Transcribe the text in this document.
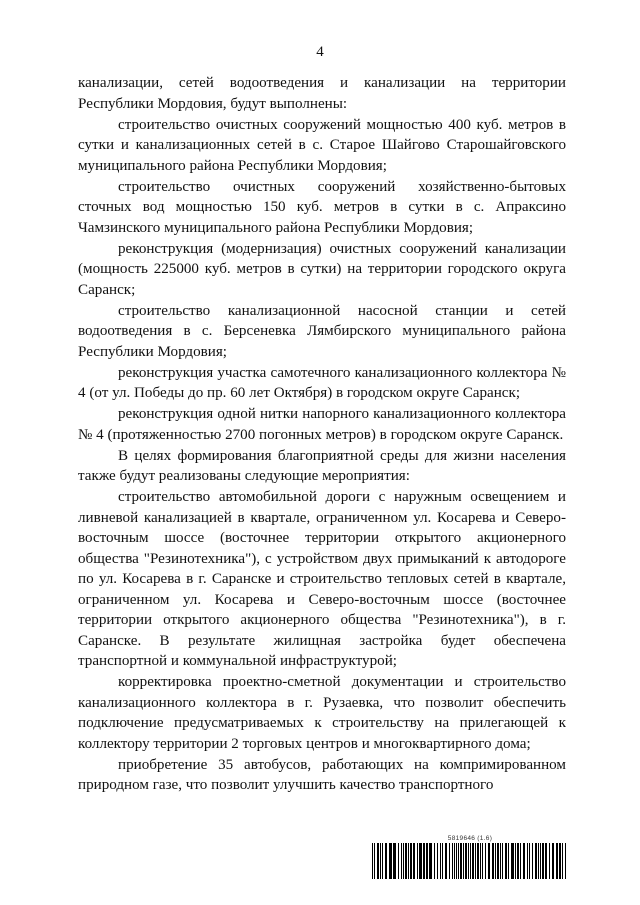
4

канализации, сетей водоотведения и канализации на территории Республики Мордовия, будут выполнены:

строительство очистных сооружений мощностью 400 куб. метров в сутки и канализационных сетей в с. Старое Шайгово Старошайговского муниципального района Республики Мордовия;

строительство очистных сооружений хозяйственно-бытовых сточных вод мощностью 150 куб. метров в сутки в с. Апраксино Чамзинского муниципального района Республики Мордовия;

реконструкция (модернизация) очистных сооружений канализации (мощность 225000 куб. метров в сутки) на территории городского округа Саранск;

строительство канализационной насосной станции и сетей водоотведения в с. Берсеневка Лямбирского муниципального района Республики Мордовия;

реконструкция участка самотечного канализационного коллектора № 4 (от ул. Победы до пр. 60 лет Октября) в городском округе Саранск;

реконструкция одной нитки напорного канализационного коллектора № 4 (протяженностью 2700 погонных метров) в городском округе Саранск.

В целях формирования благоприятной среды для жизни населения также будут реализованы следующие мероприятия:

строительство автомобильной дороги с наружным освещением и ливневой канализацией в квартале, ограниченном ул. Косарева и Северо-восточным шоссе (восточнее территории открытого акционерного общества "Резинотехника"), с устройством двух примыканий к автодороге по ул. Косарева в г. Саранске и строительство тепловых сетей в квартале, ограниченном ул. Косарева и Северо-восточным шоссе (восточнее территории открытого акционерного общества "Резинотехника"), в г. Саранске. В результате жилищная застройка будет обеспечена транспортной и коммунальной инфраструктурой;

корректировка проектно-сметной документации и строительство канализационного коллектора в г. Рузаевка, что позволит обеспечить подключение предусматриваемых к строительству на прилегающей к коллектору территории 2 торговых центров и многоквартирного дома;

приобретение 35 автобусов, работающих на компримированном природном газе, что позволит улучшить качество транспортного

5819646 (1.6)
